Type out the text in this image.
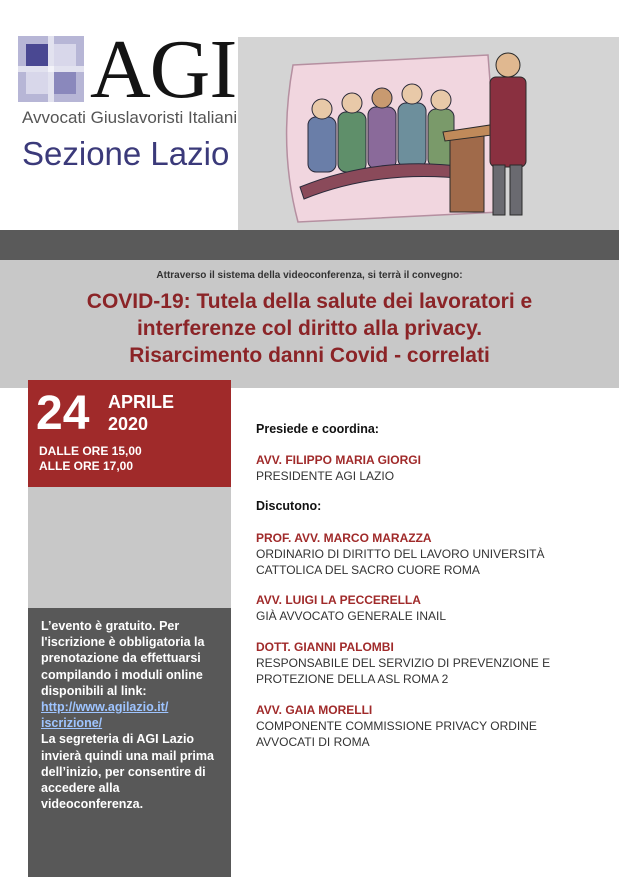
AGI
Avvocati Giuslavoristi Italiani
Sezione Lazio
Attraverso il sistema della videoconferenza, si terrà il convegno:
COVID-19: Tutela della salute dei lavoratori e
interferenze col diritto alla privacy.
Risarcimento danni Covid - correlati
24 APRILE
2020
DALLE ORE 15,00
ALLE ORE 17,00
L’evento è gratuito. Per l'iscrizione è obbligatoria la prenotazione da effettuarsi compilando i moduli online disponibili al link:
http://www.agilazio.it/
iscrizione/
La segreteria di AGI Lazio invierà quindi una mail prima dell’inizio, per consentire di accedere alla videoconferenza.
Presiede e coordina:
AVV. FILIPPO MARIA GIORGI
PRESIDENTE AGI LAZIO
Discutono:
PROF. AVV. MARCO MARAZZA
ORDINARIO DI DIRITTO DEL LAVORO UNIVERSITÀ
CATTOLICA DEL SACRO CUORE ROMA
AVV. LUIGI LA PECCERELLA
GIÀ AVVOCATO GENERALE INAIL
DOTT. GIANNI PALOMBI
RESPONSABILE DEL SERVIZIO DI PREVENZIONE E
PROTEZIONE DELLA ASL ROMA 2
AVV. GAIA MORELLI
COMPONENTE COMMISSIONE PRIVACY ORDINE
AVVOCATI DI ROMA
